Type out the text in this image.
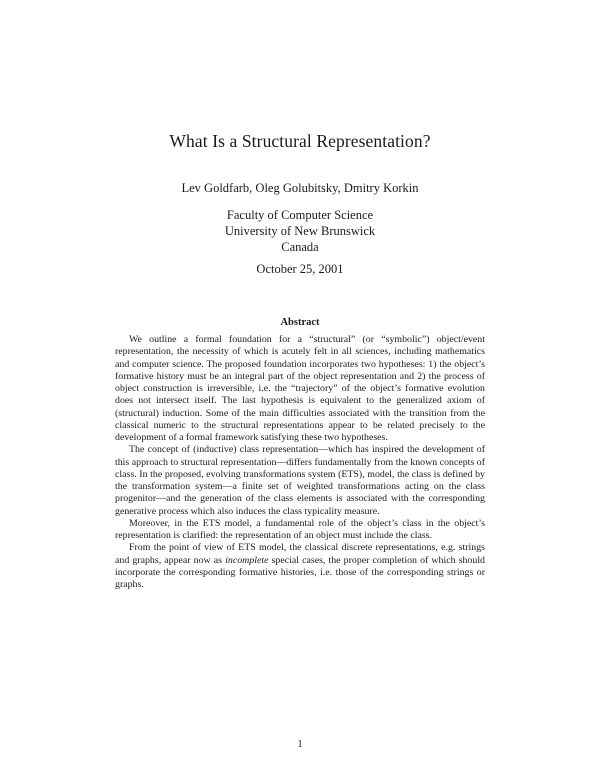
What Is a Structural Representation?
Lev Goldfarb, Oleg Golubitsky, Dmitry Korkin
Faculty of Computer Science
University of New Brunswick
Canada
October 25, 2001
Abstract

We outline a formal foundation for a “structural” (or “symbolic”) object/event representation, the necessity of which is acutely felt in all sciences, including mathematics and computer science. The proposed foundation incorporates two hypotheses: 1) the object’s formative history must be an integral part of the object representation and 2) the process of object construction is irreversible, i.e. the “trajectory” of the object’s formative evolution does not intersect itself. The last hypothesis is equivalent to the generalized axiom of (structural) induction. Some of the main difficulties associated with the transition from the classical numeric to the structural representations appear to be related precisely to the development of a formal framework satisfying these two hypotheses.

The concept of (inductive) class representation—which has inspired the development of this approach to structural representation—differs fundamentally from the known concepts of class. In the proposed, evolving transformations system (ETS), model, the class is defined by the transformation system—a finite set of weighted transformations acting on the class progenitor—and the generation of the class elements is associated with the corresponding generative process which also induces the class typicality measure.

Moreover, in the ETS model, a fundamental role of the object’s class in the object’s representation is clarified: the representation of an object must include the class.

From the point of view of ETS model, the classical discrete representations, e.g. strings and graphs, appear now as incomplete special cases, the proper completion of which should incorporate the corresponding formative histories, i.e. those of the corresponding strings or graphs.

1
